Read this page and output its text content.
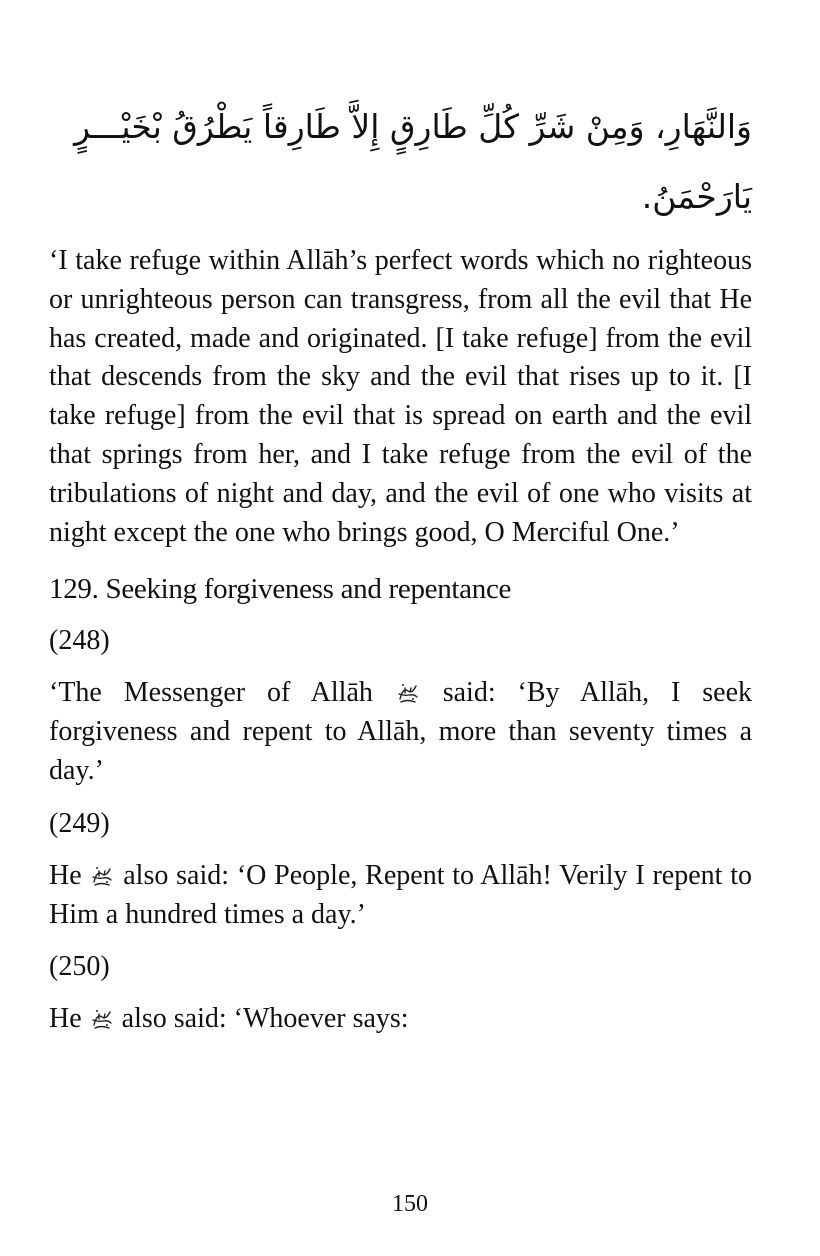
وَالنَّهَارِ، وَمِنْ شَرِّ كُلِّ طَارِقٍ إِلاَّ طَارِقاً يَطْرُقُ بْخَيْـــرٍ
يَارَحْمَنُ.

‘I take refuge within Allāh’s perfect words which no righteous or unrighteous person can transgress, from all the evil that He has created, made and originated. [I take refuge] from the evil that descends from the sky and the evil that rises up to it. [I take refuge] from the evil that is spread on earth and the evil that springs from her, and I take refuge from the evil of the tribulations of night and day, and the evil of one who visits at night except the one who brings good, O Merciful One.’

129. Seeking forgiveness and repentance
(248)

‘The Messenger of Allāh said: ‘By Allāh, I seek forgiveness and repent to Allāh, more than seventy times a day.’

(249)

He also said: ‘O People, Repent to Allāh! Verily I repent to Him a hundred times a day.’

(250)

He also said: ‘Whoever says:

150
